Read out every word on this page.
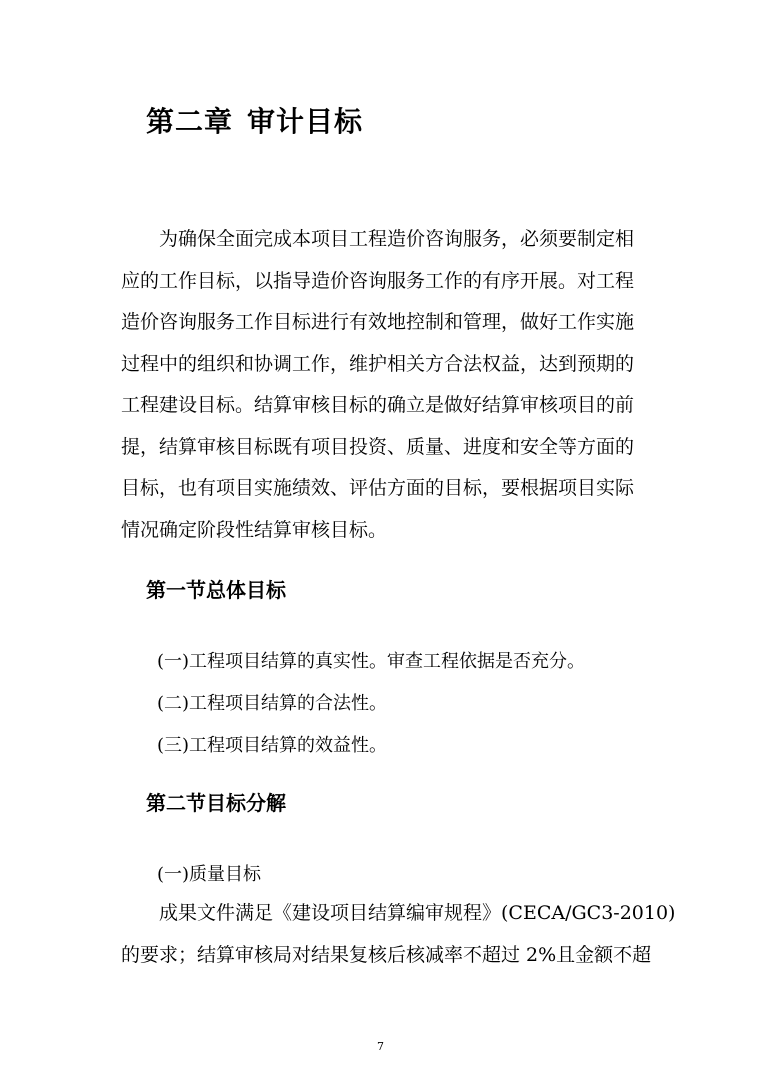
第二章 审计目标
为确保全面完成本项目工程造价咨询服务，必须要制定相
应的工作目标，以指导造价咨询服务工作的有序开展。对工程
造价咨询服务工作目标进行有效地控制和管理，做好工作实施
过程中的组织和协调工作，维护相关方合法权益，达到预期的
工程建设目标。结算审核目标的确立是做好结算审核项目的前
提，结算审核目标既有项目投资、质量、进度和安全等方面的
目标，也有项目实施绩效、评估方面的目标，要根据项目实际
情况确定阶段性结算审核目标。
第一节总体目标
(一)工程项目结算的真实性。审查工程依据是否充分。
(二)工程项目结算的合法性。
(三)工程项目结算的效益性。
第二节目标分解
(一)质量目标
成果文件满足《建设项目结算编审规程》(CECA/GC3-2010)
的要求；结算审核局对结果复核后核减率不超过 2%且金额不超
7
